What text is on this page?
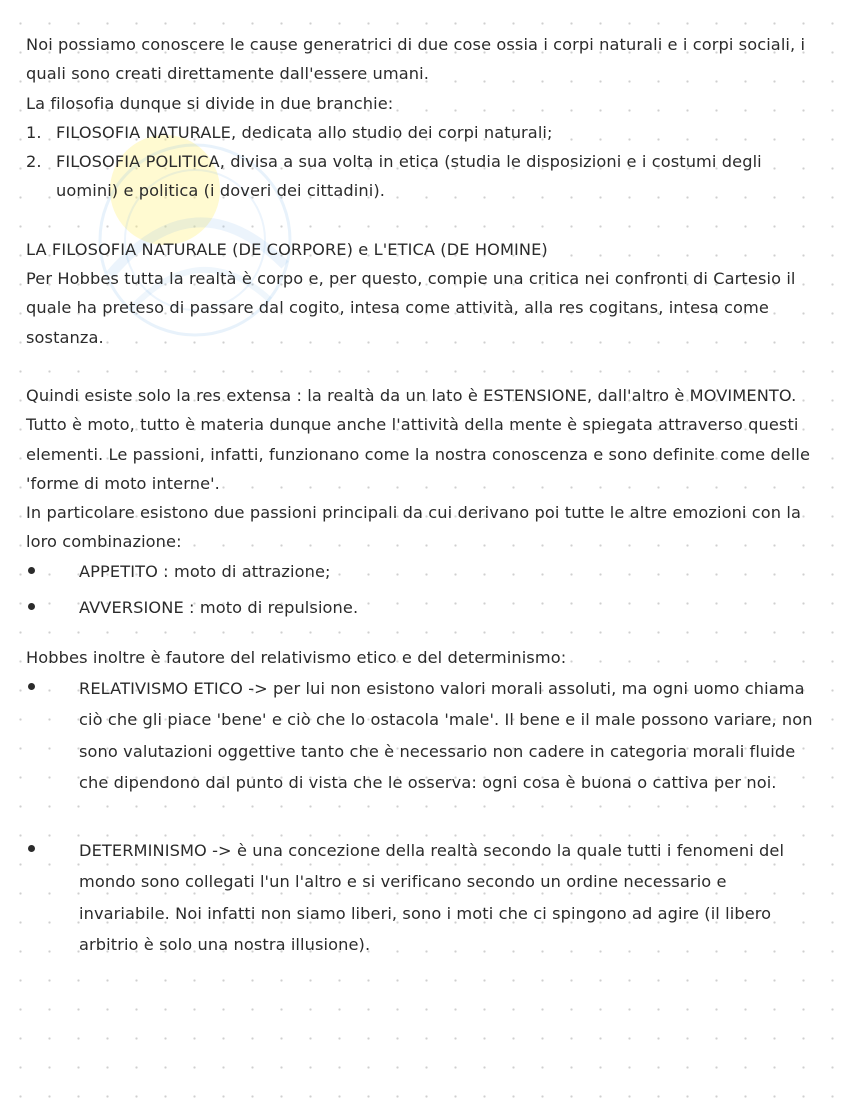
Noi possiamo conoscere le cause generatrici di due cose ossia i corpi naturali e i corpi sociali, i quali sono creati direttamente dall'essere umani.

La filosofia dunque si divide in due branchie:

1. FILOSOFIA NATURALE, dedicata allo studio dei corpi naturali;
2. FILOSOFIA POLITICA, divisa a sua volta in etica (studia le disposizioni e i costumi degli uomini) e politica (i doveri dei cittadini).

LA FILOSOFIA NATURALE (DE CORPORE) e L'ETICA (DE HOMINE)

Per Hobbes tutta la realtà è corpo e, per questo, compie una critica nei confronti di Cartesio il quale ha preteso di passare dal cogito, intesa come attività, alla res cogitans, intesa come sostanza.

Quindi esiste solo la res extensa : la realtà da un lato è ESTENSIONE, dall'altro è MOVIMENTO. Tutto è moto, tutto è materia dunque anche l'attività della mente è spiegata attraverso questi elementi. Le passioni, infatti, funzionano come la nostra conoscenza e sono definite come delle 'forme di moto interne'.

In particolare esistono due passioni principali da cui derivano poi tutte le altre emozioni con la loro combinazione:

APPETITO : moto di attrazione;
AVVERSIONE : moto di repulsione.

Hobbes inoltre è fautore del relativismo etico e del determinismo:

RELATIVISMO ETICO -> per lui non esistono valori morali assoluti, ma ogni uomo chiama ciò che gli piace 'bene' e ciò che lo ostacola 'male'. Il bene e il male possono variare, non sono valutazioni oggettive tanto che è necessario non cadere in categoria morali fluide che dipendono dal punto di vista che le osserva: ogni cosa è buona o cattiva per noi.
DETERMINISMO -> è una concezione della realtà secondo la quale tutti i fenomeni del mondo sono collegati l'un l'altro e si verificano secondo un ordine necessario e invariabile. Noi infatti non siamo liberi, sono i moti che ci spingono ad agire (il libero arbitrio è solo una nostra illusione).
